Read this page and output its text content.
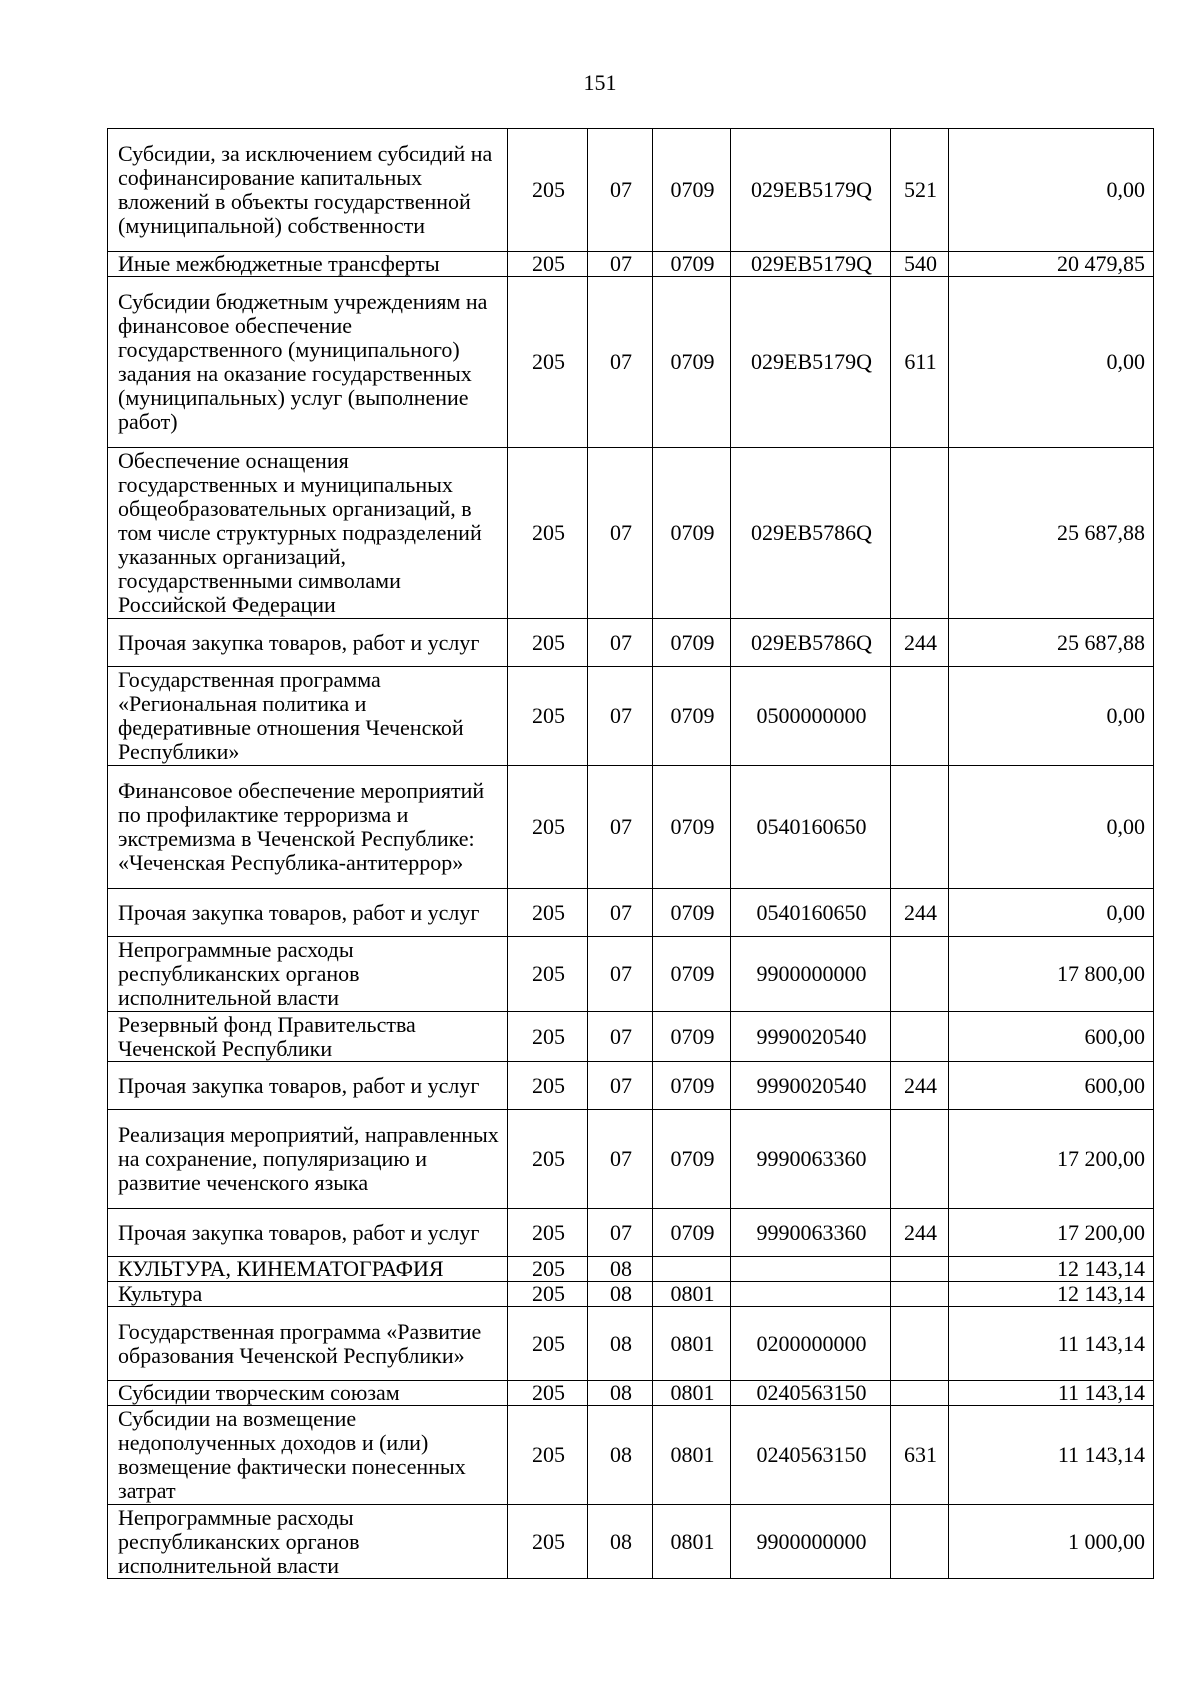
151
Субсидии, за исключением субсидий на софинансирование капитальных вложений в объекты государственной (муниципальной) собственности	205	07	0709	029EB5179Q	521	0,00
Иные межбюджетные трансферты	205	07	0709	029EB5179Q	540	20 479,85
Субсидии бюджетным учреждениям на финансовое обеспечение государственного (муниципального) задания на оказание государственных (муниципальных) услуг (выполнение работ)	205	07	0709	029EB5179Q	611	0,00
Обеспечение оснащения государственных и муниципальных общеобразовательных организаций, в том числе структурных подразделений указанных организаций, государственными символами Российской Федерации	205	07	0709	029EB5786Q		25 687,88
Прочая закупка товаров, работ и услуг	205	07	0709	029EB5786Q	244	25 687,88
Государственная программа «Региональная политика и федеративные отношения Чеченской Республики»	205	07	0709	0500000000		0,00
Финансовое обеспечение мероприятий по профилактике терроризма и экстремизма в Чеченской Республике: «Чеченская Республика-антитеррор»	205	07	0709	0540160650		0,00
Прочая закупка товаров, работ и услуг	205	07	0709	0540160650	244	0,00
Непрограммные расходы республиканских органов исполнительной власти	205	07	0709	9900000000		17 800,00
Резервный фонд Правительства Чеченской Республики	205	07	0709	9990020540		600,00
Прочая закупка товаров, работ и услуг	205	07	0709	9990020540	244	600,00
Реализация мероприятий, направленных на сохранение, популяризацию и развитие чеченского языка	205	07	0709	9990063360		17 200,00
Прочая закупка товаров, работ и услуг	205	07	0709	9990063360	244	17 200,00
КУЛЬТУРА, КИНЕМАТОГРАФИЯ	205	08				12 143,14
Культура	205	08	0801			12 143,14
Государственная программа «Развитие образования Чеченской Республики»	205	08	0801	0200000000		11 143,14
Субсидии творческим союзам	205	08	0801	0240563150		11 143,14
Субсидии на возмещение недополученных доходов и (или) возмещение фактически понесенных затрат	205	08	0801	0240563150	631	11 143,14
Непрограммные расходы республиканских органов исполнительной власти	205	08	0801	9900000000		1 000,00
